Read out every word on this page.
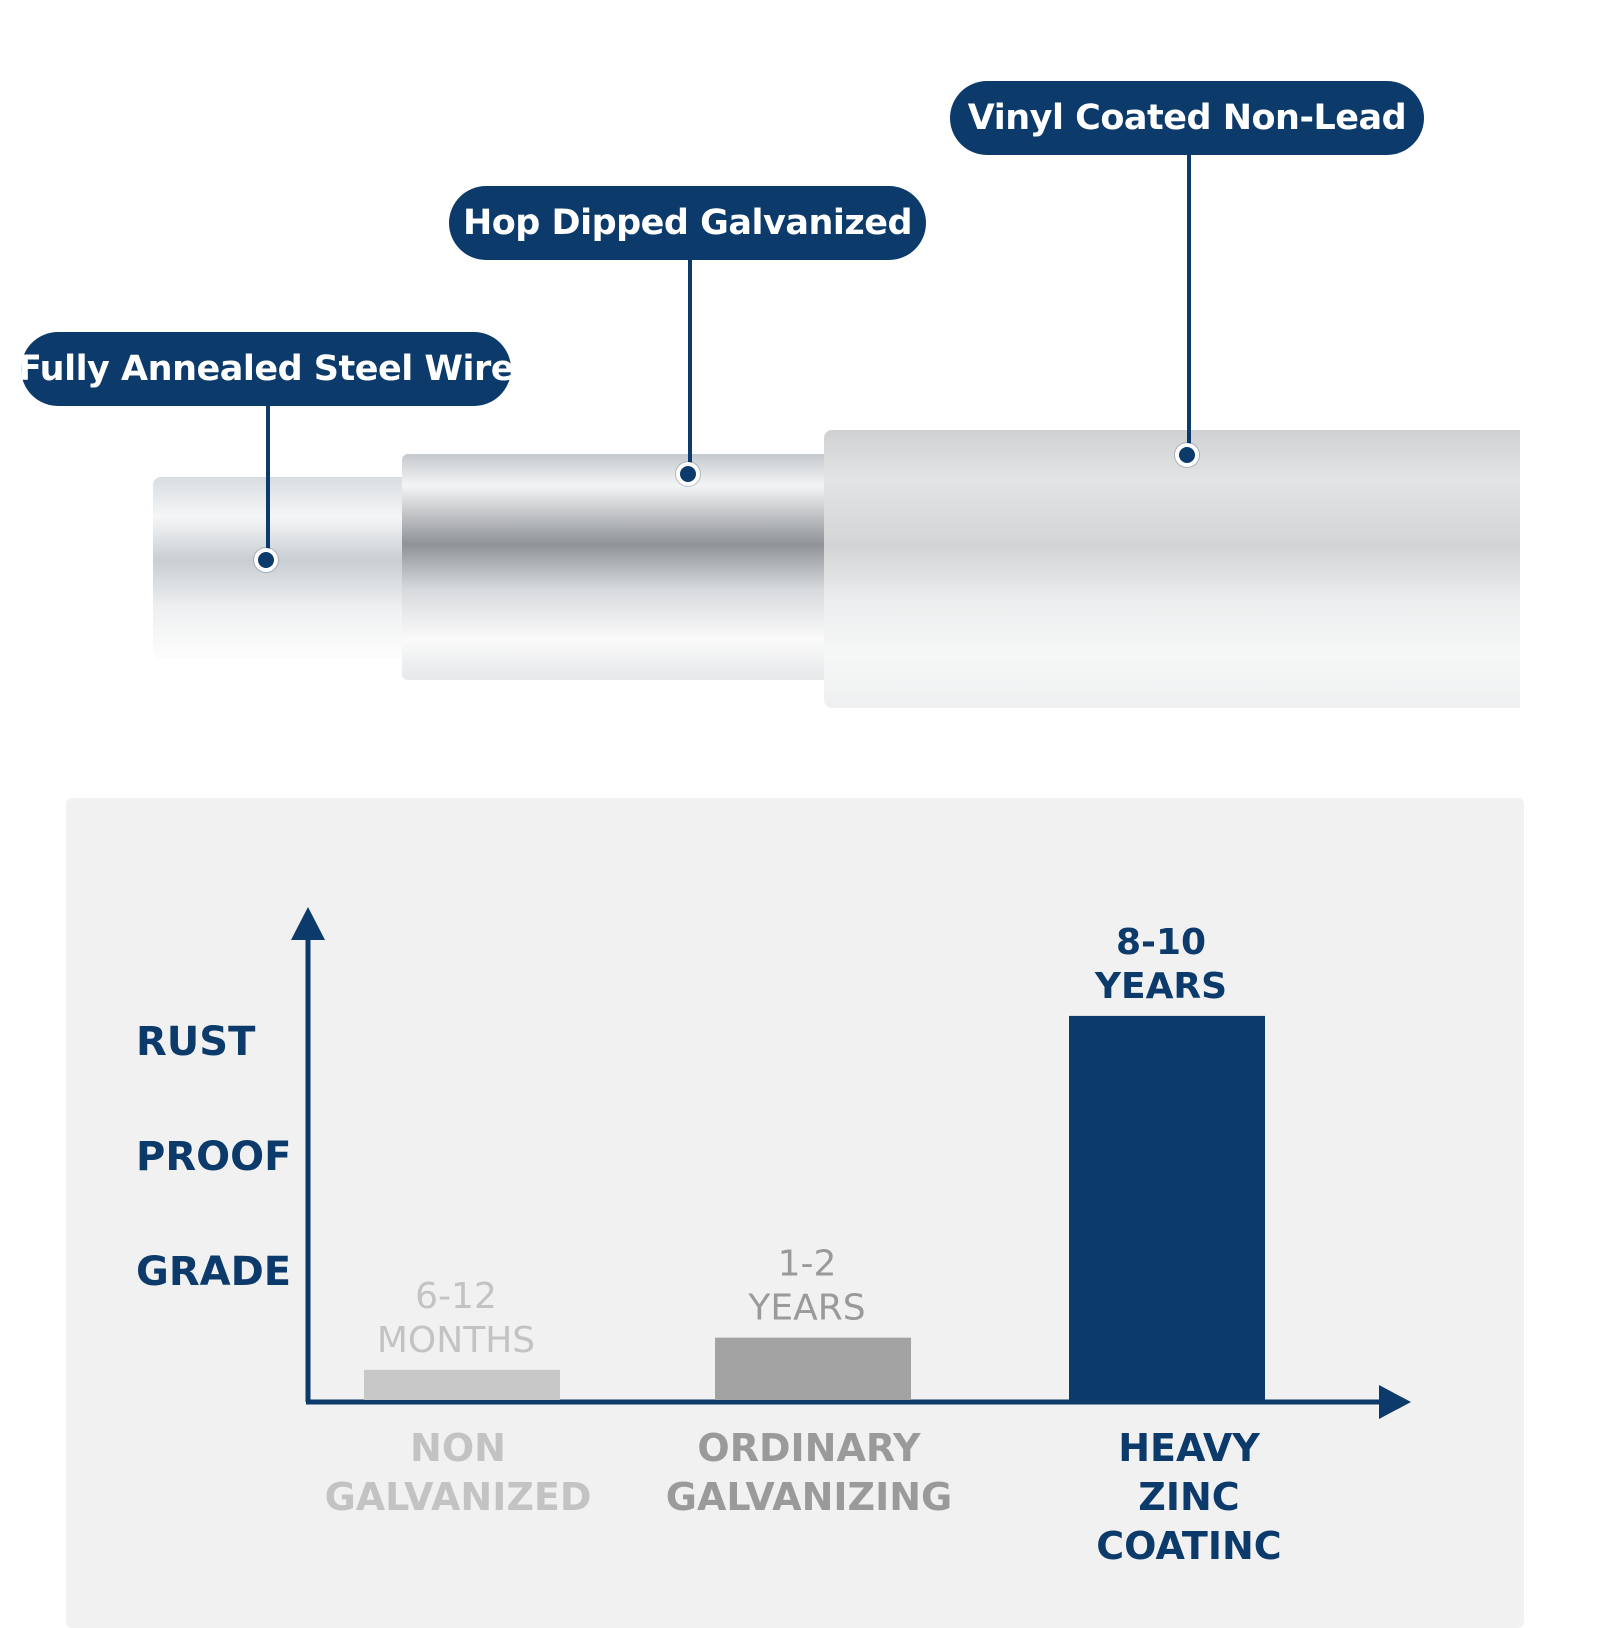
Fully Annealed Steel Wire
Hop Dipped Galvanized
Vinyl Coated Non-Lead
RUST
PROOF
GRADE
6-12
MONTHS
NON
GALVANIZED
1-2
YEARS
ORDINARY
GALVANIZING
8-10
YEARS
HEAVY
ZINC
COATINC
